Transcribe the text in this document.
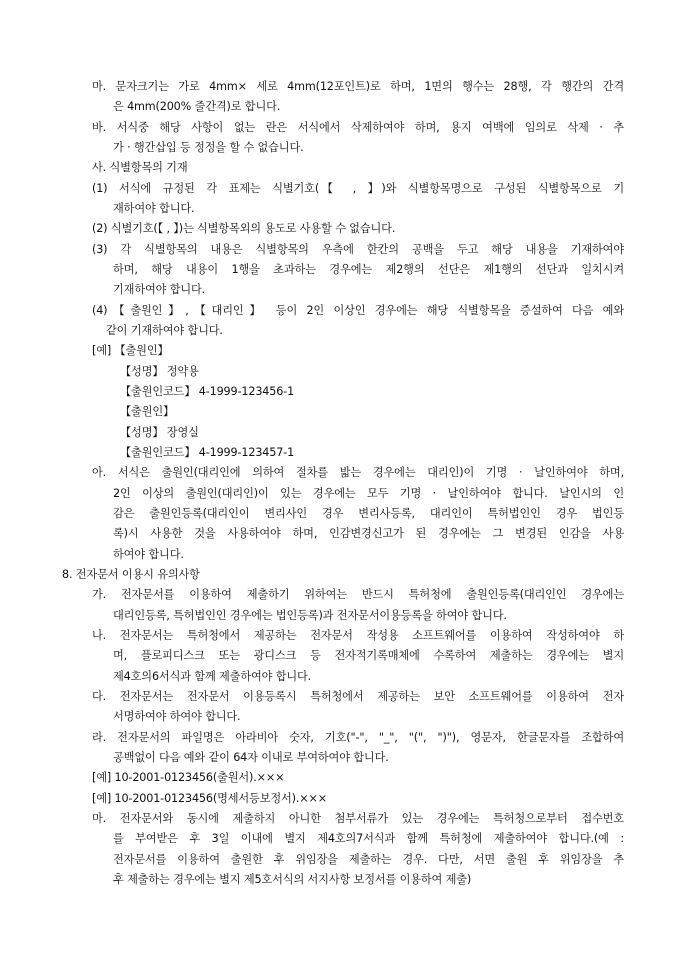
마. 문자크기는 가로 4mm× 세로 4mm(12포인트)로 하며, 1면의 행수는 28행, 각 행간의 간격
은 4mm(200% 줄간격)로 합니다.
바. 서식중 해당 사항이 없는 란은 서식에서 삭제하여야 하며, 용지 여백에 임의로 삭제 · 추
가 · 행간삽입 등 정정을 할 수 없습니다.
사. 식별항목의 기재
(1) 서식에 규정된 각 표제는 식별기호(【 , 】)와 식별항목명으로 구성된 식별항목으로 기
재하여야 합니다.
(2) 식별기호(【 , 】)는 식별항목외의 용도로 사용할 수 없습니다.
(3) 각 식별항목의 내용은 식별항목의 우측에 한칸의 공백을 두고 해당 내용을 기재하여야
하며, 해당 내용이 1행을 초과하는 경우에는 제2행의 선단은 제1행의 선단과 일치시켜
기재하여야 합니다.
(4)【출원인】,【대리인】 등이 2인 이상인 경우에는 해당 식별항목을 증설하여 다음 예와
같이 기재하여야 합니다.
[예] 【출원인】
【성명】 정약용
【출원인코드】 4-1999-123456-1
【출원인】
【성명】 장영실
【출원인코드】 4-1999-123457-1
아. 서식은 출원인(대리인에 의하여 절차를 밟는 경우에는 대리인)이 기명 · 날인하여야 하며,
2인 이상의 출원인(대리인)이 있는 경우에는 모두 기명 · 날인하여야 합니다. 날인시의 인
감은 출원인등록(대리인이 변리사인 경우 변리사등록, 대리인이 특허법인인 경우 법인등
록)시 사용한 것을 사용하여야 하며, 인감변경신고가 된 경우에는 그 변경된 인감을 사용
하여야 합니다.
8. 전자문서 이용시 유의사항
가. 전자문서를 이용하여 제출하기 위하여는 반드시 특허청에 출원인등록(대리인인 경우에는
대리인등록, 특허법인인 경우에는 법인등록)과 전자문서이용등록을 하여야 합니다.
나. 전자문서는 특허청에서 제공하는 전자문서 작성용 소프트웨어를 이용하여 작성하여야 하
며, 플로피디스크 또는 광디스크 등 전자적기록매체에 수록하여 제출하는 경우에는 별지
제4호의6서식과 함께 제출하여야 합니다.
다. 전자문서는 전자문서 이용등록시 특허청에서 제공하는 보안 소프트웨어를 이용하여 전자
서명하여야 하여야 합니다.
라. 전자문서의 파일명은 아라비아 숫자, 기호("-", "_", "(", ")"), 영문자, 한글문자를 조합하여
공백없이 다음 예와 같이 64자 이내로 부여하여야 합니다.
[예] 10-2001-0123456(출원서).×××
[예] 10-2001-0123456(명세서등보정서).×××
마. 전자문서와 동시에 제출하지 아니한 첨부서류가 있는 경우에는 특허청으로부터 접수번호
를 부여받은 후 3일 이내에 별지 제4호의7서식과 함께 특허청에 제출하여야 합니다.(예 :
전자문서를 이용하여 출원한 후 위임장을 제출하는 경우. 다만, 서면 출원 후 위임장을 추
후 제출하는 경우에는 별지 제5호서식의 서지사항 보정서를 이용하여 제출)
